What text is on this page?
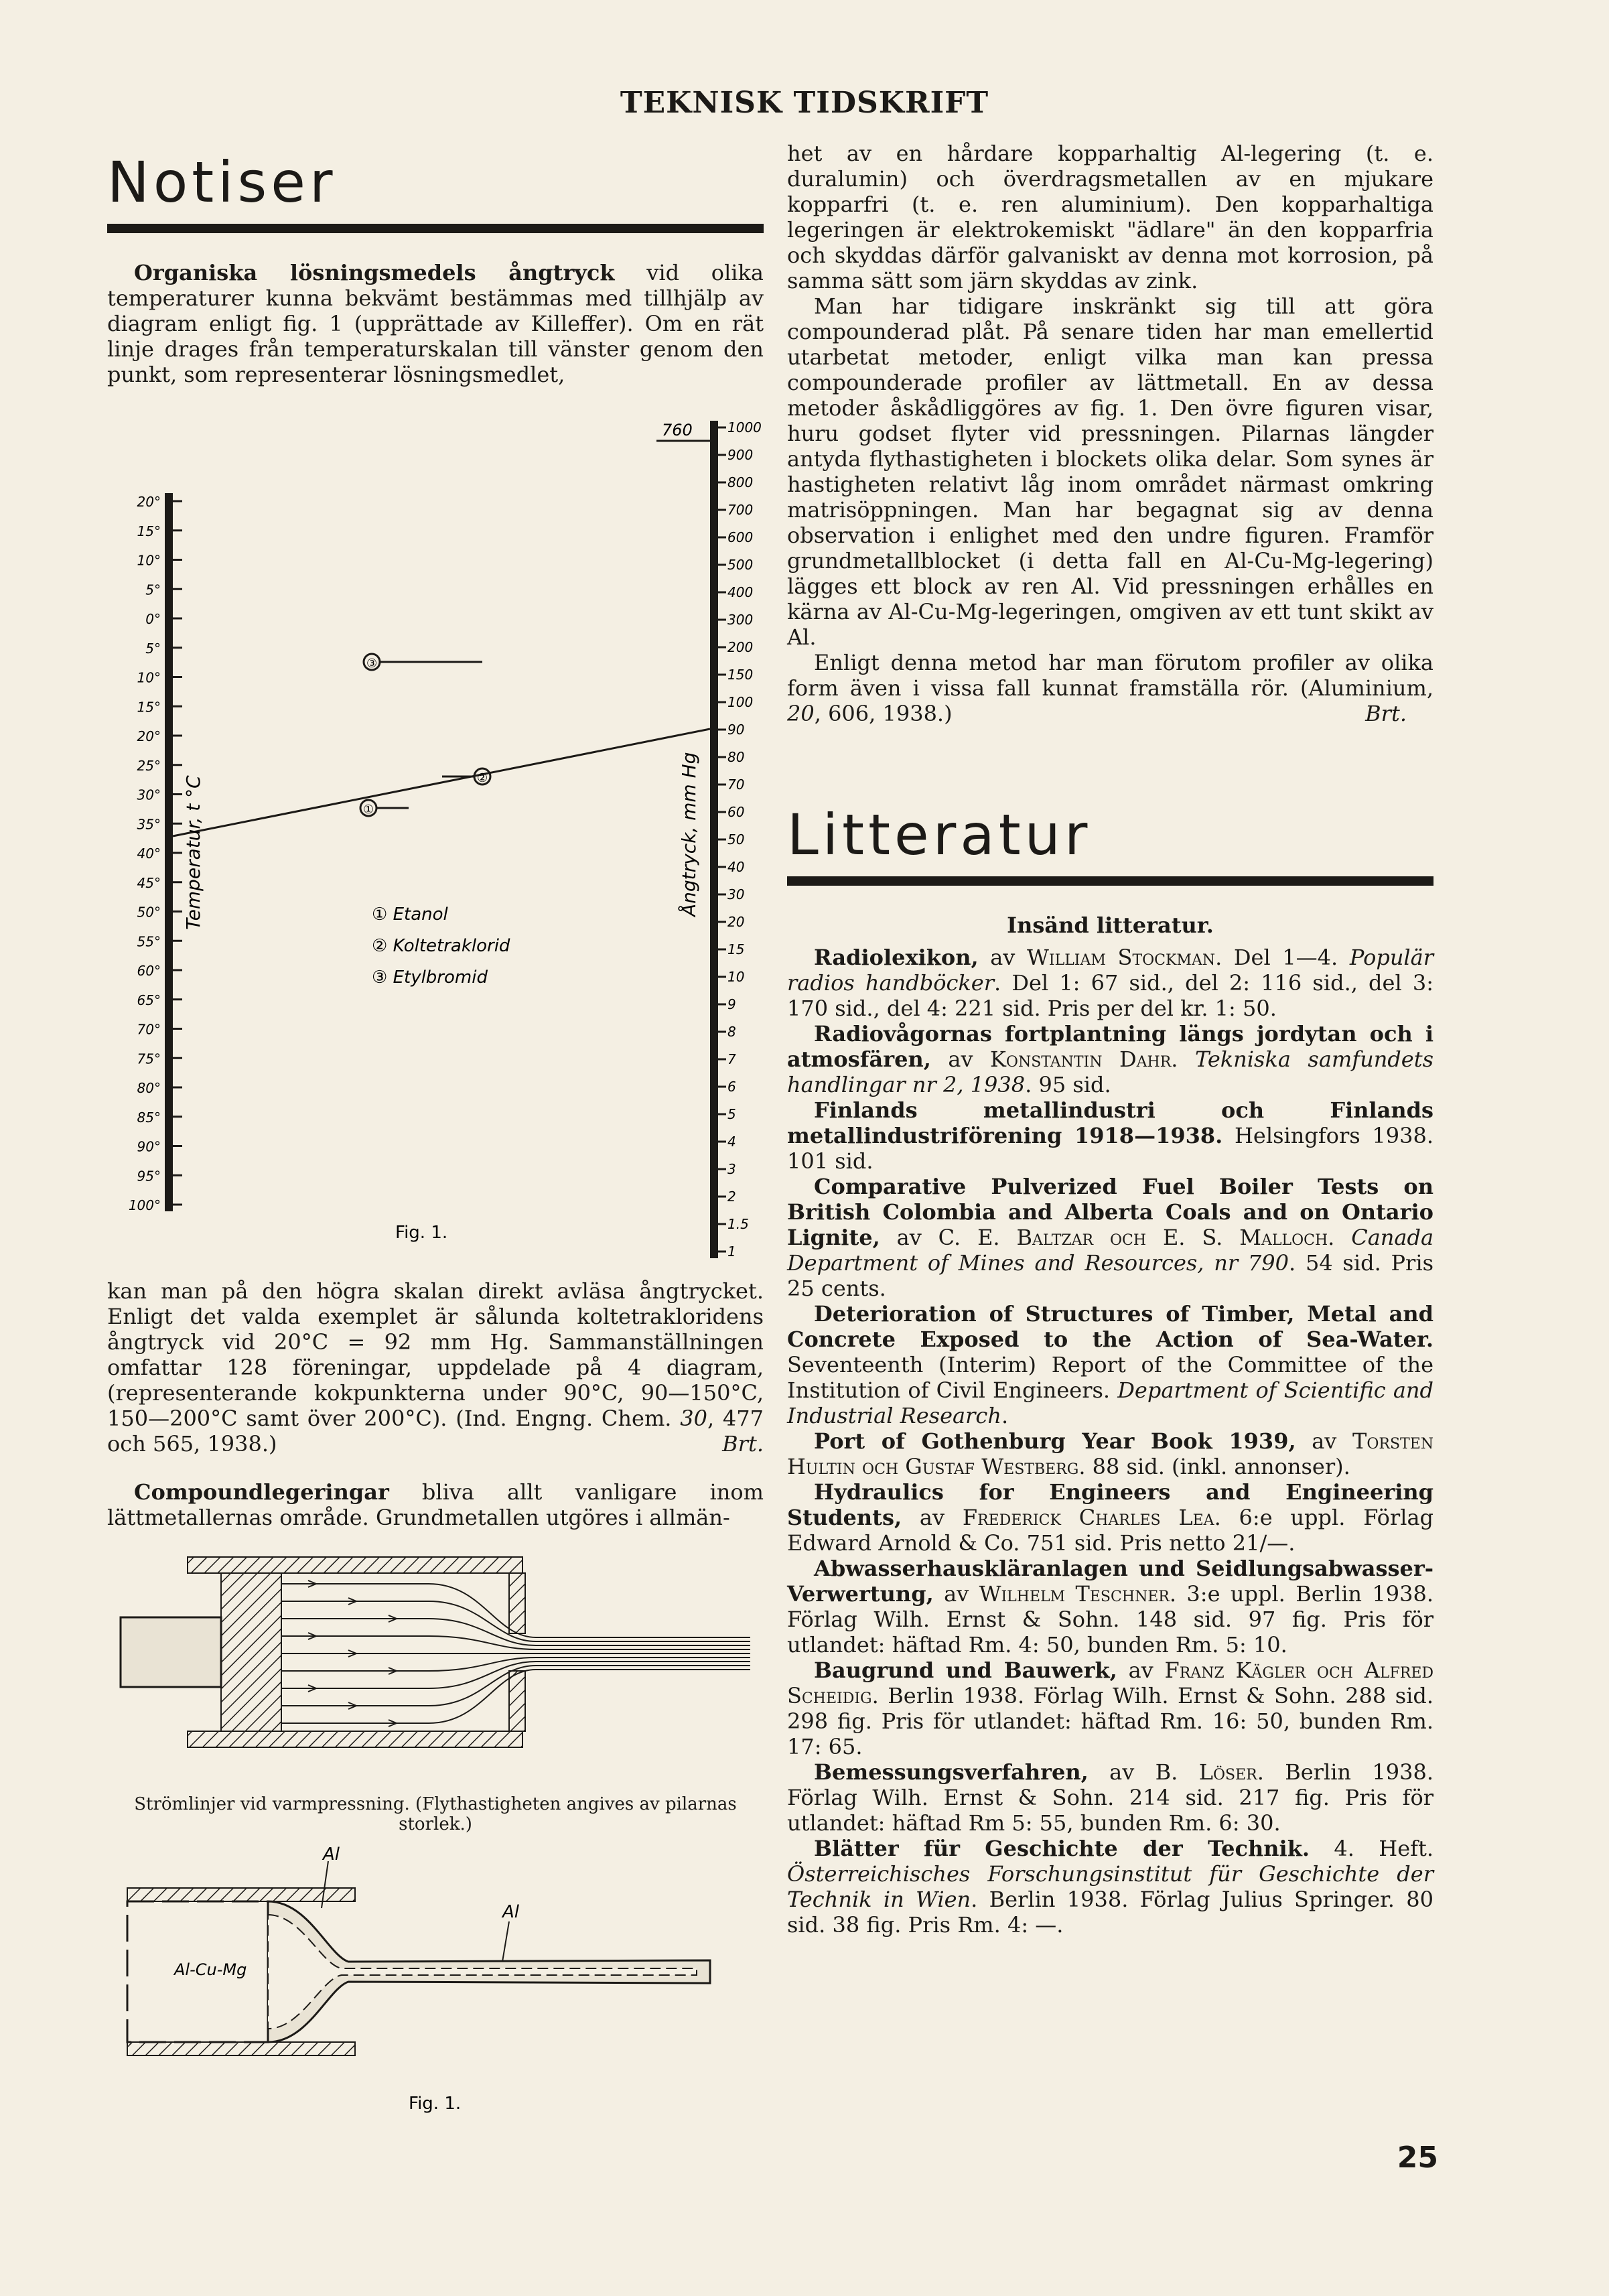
TEKNISK TIDSKRIFT
Notiser

Organiska lösningsmedels ångtryck vid olika temperaturer kunna bekvämt bestämmas med tillhjälp av diagram enligt fig. 1 (upprättade av Killeffer). Om en rät linje drages från temperaturskalan till vänster genom den punkt, som representerar lösningsmedlet,

20°
15°
10°
5°
0°
5°
10°
15°
20°
25°
30°
35°
40°
45°
50°
55°
60°
65°
70°
75°
80°
85°
90°
95°
100°
1000
900
800
700
600
500
400
300
200
150
100
90
80
70
60
50
40
30
20
15
10
9
8
7
6
5
4
3
2
1.5
1
760
③
②
①
Temperatur, t °C	Ångtryck, mm Hg
① Etanol
② Koltetraklorid
③ Etylbromid
Fig. 1.

kan man på den högra skalan direkt avläsa ångtrycket. Enligt det valda exemplet är sålunda koltetrakloridens ångtryck vid 20°C = 92 mm Hg. Sammanställningen omfattar 128 föreningar, uppdelade på 4 diagram, (representerande kokpunkterna under 90°C, 90—150°C, 150—200°C samt över 200°C). (Ind. Engng. Chem. 30, 477 och 565, 1938.)	Brt.

Compoundlegeringar bliva allt vanligare inom lättmetallernas område. Grundmetallen utgöres i allmän-

Strömlinjer vid varmpressning. (Flythastigheten angives av pilarnas storlek.)
Al
Al-Cu-Mg
Al
Fig. 1.

het av en hårdare kopparhaltig Al-legering (t. e. duralumin) och överdragsmetallen av en mjukare kopparfri (t. e. ren aluminium). Den kopparhaltiga legeringen är elektrokemiskt "ädlare" än den kopparfria och skyddas därför galvaniskt av denna mot korrosion, på samma sätt som järn skyddas av zink.

Man har tidigare inskränkt sig till att göra compounderad plåt. På senare tiden har man emellertid utarbetat metoder, enligt vilka man kan pressa compounderade profiler av lättmetall. En av dessa metoder åskådliggöres av fig. 1. Den övre figuren visar, huru godset flyter vid pressningen. Pilarnas längder antyda flythastigheten i blockets olika delar. Som synes är hastigheten relativt låg inom området närmast omkring matrisöppningen. Man har begagnat sig av denna observation i enlighet med den undre figuren. Framför grundmetallblocket (i detta fall en Al-Cu-Mg-legering) lägges ett block av ren Al. Vid pressningen erhålles en kärna av Al-Cu-Mg-legeringen, omgiven av ett tunt skikt av Al.

Enligt denna metod har man förutom profiler av olika form även i vissa fall kunnat framställa rör. (Aluminium, 20, 606, 1938.)	Brt.

Litteratur
Insänd litteratur.

Radiolexikon, av William Stockman. Del 1—4. Populär radios handböcker. Del 1: 67 sid., del 2: 116 sid., del 3: 170 sid., del 4: 221 sid. Pris per del kr. 1: 50.

Radiovågornas fortplantning längs jordytan och i atmosfären, av Konstantin Dahr. Tekniska samfundets handlingar nr 2, 1938. 95 sid.

Finlands metallindustri och Finlands metallindustriförening 1918—1938. Helsingfors 1938. 101 sid.

Comparative Pulverized Fuel Boiler Tests on British Colombia and Alberta Coals and on Ontario Lignite, av C. E. Baltzar och E. S. Malloch. Canada Department of Mines and Resources, nr 790. 54 sid. Pris 25 cents.

Deterioration of Structures of Timber, Metal and Concrete Exposed to the Action of Sea-Water. Seventeenth (Interim) Report of the Committee of the Institution of Civil Engineers. Department of Scientific and Industrial Research.

Port of Gothenburg Year Book 1939, av Torsten Hultin och Gustaf Westberg. 88 sid. (inkl. annonser).

Hydraulics for Engineers and Engineering Students, av Frederick Charles Lea. 6:e uppl. Förlag Edward Arnold & Co. 751 sid. Pris netto 21/—.

Abwasserhauskläranlagen und Seidlungsabwasser-Verwertung, av Wilhelm Teschner. 3:e uppl. Berlin 1938. Förlag Wilh. Ernst & Sohn. 148 sid. 97 fig. Pris för utlandet: häftad Rm. 4: 50, bunden Rm. 5: 10.

Baugrund und Bauwerk, av Franz Kägler och Alfred Scheidig. Berlin 1938. Förlag Wilh. Ernst & Sohn. 288 sid. 298 fig. Pris för utlandet: häftad Rm. 16: 50, bunden Rm. 17: 65.

Bemessungsverfahren, av B. Löser. Berlin 1938. Förlag Wilh. Ernst & Sohn. 214 sid. 217 fig. Pris för utlandet: häftad Rm 5: 55, bunden Rm. 6: 30.

Blätter für Geschichte der Technik. 4. Heft. Österreichisches Forschungsinstitut für Geschichte der Technik in Wien. Berlin 1938. Förlag Julius Springer. 80 sid. 38 fig. Pris Rm. 4: —.

25
